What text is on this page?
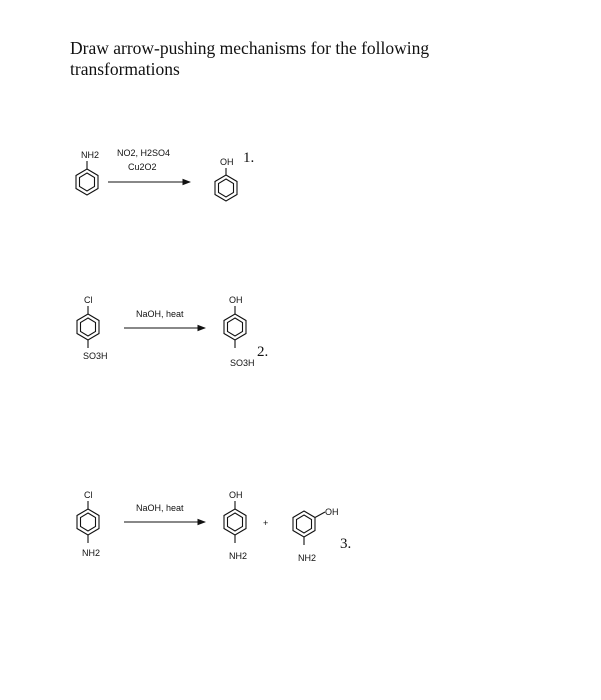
Draw arrow-pushing mechanisms for the following
transformations
NH2 NO2, H2SO4
Cu2O2	OH 1.
Cl
SO3H
NaOH, heat
OH
SO3H
2.
Cl
NH2
NaOH, heat
OH
NH2
+
OH
NH2
3.
